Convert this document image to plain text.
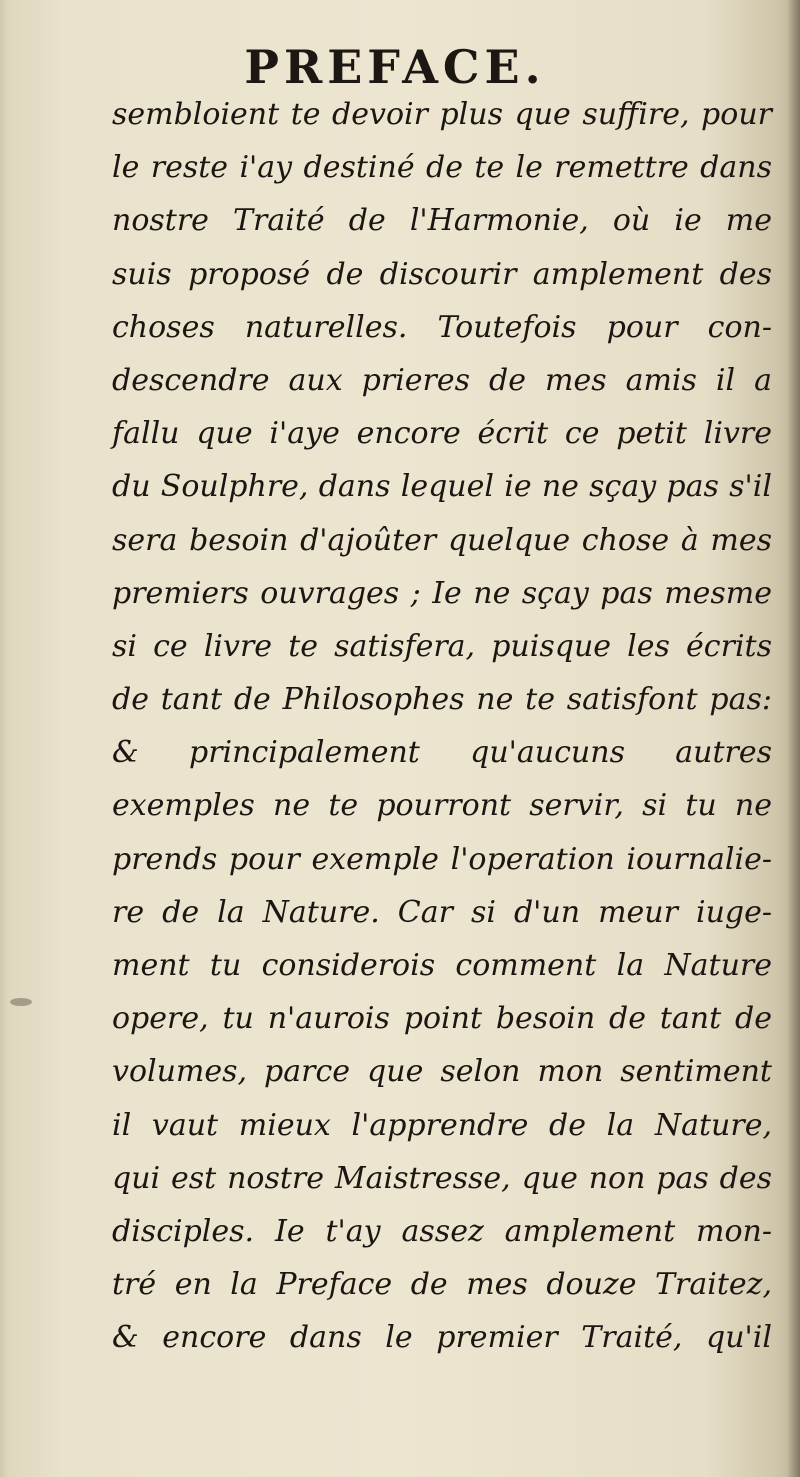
PREFACE.
sembloient te devoir plus que suffire, pour
le reste i'ay destiné de te le remettre dans
nostre Traité de l'Harmonie, où ie me
suis proposé de discourir amplement des
choses naturelles. Toutefois pour con-
descendre aux prieres de mes amis il a
fallu que i'aye encore écrit ce petit livre
du Soulphre, dans lequel ie ne sçay pas s'il
sera besoin d'ajoûter quelque chose à mes
premiers ouvrages ; Ie ne sçay pas mesme
si ce livre te satisfera, puisque les écrits
de tant de Philosophes ne te satisfont pas:
& principalement qu'aucuns autres
exemples ne te pourront servir, si tu ne
prends pour exemple l'operation iournalie-
re de la Nature. Car si d'un meur iuge-
ment tu considerois comment la Nature
opere, tu n'aurois point besoin de tant de
volumes, parce que selon mon sentiment
il vaut mieux l'apprendre de la Nature,
qui est nostre Maistresse, que non pas des
disciples. Ie t'ay assez amplement mon-
tré en la Preface de mes douze Traitez,
& encore dans le premier Traité, qu'il
